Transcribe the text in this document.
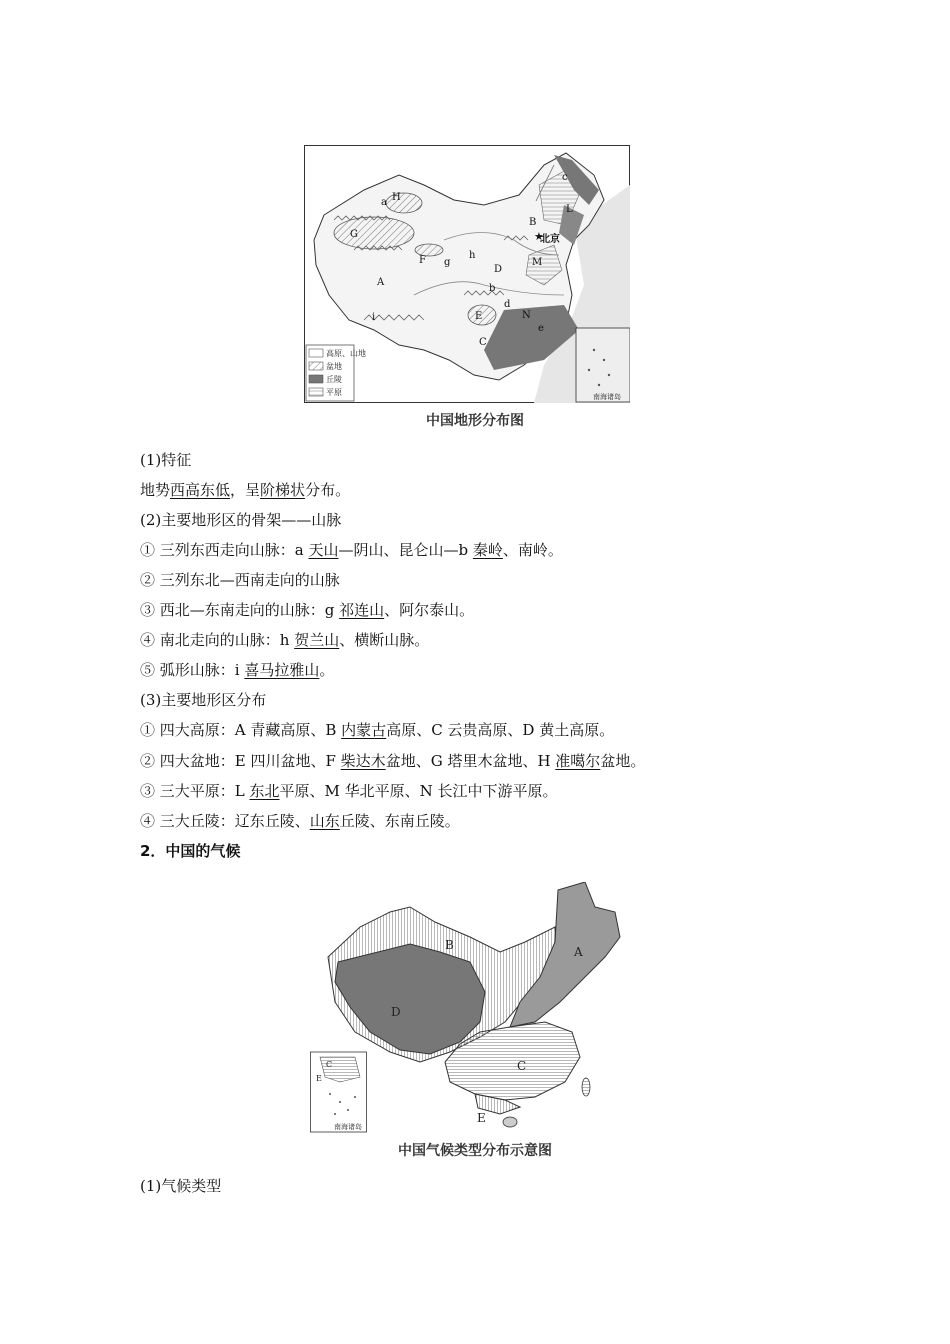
★
北京
a H
G
F g
h
A
i
B
D
M
b
L
E
C
N
d
c
e
高原、山地
盆地
丘陵
平原	南海诸岛
中国地形分布图
(1)特征
地势西高东低，呈阶梯状分布。
(2)主要地形区的骨架——山脉
① 三列东西走向山脉：a 天山—阴山、昆仑山—b 秦岭、南岭。
② 三列东北—西南走向的山脉
③ 西北—东南走向的山脉：g 祁连山、阿尔泰山。
④ 南北走向的山脉：h 贺兰山、横断山脉。
⑤ 弧形山脉：i 喜马拉雅山。
(3)主要地形区分布
① 四大高原：A 青藏高原、B 内蒙古高原、C 云贵高原、D 黄土高原。
② 四大盆地：E 四川盆地、F 柴达木盆地、G 塔里木盆地、H 准噶尔盆地。
③ 三大平原：L 东北平原、M 华北平原、N 长江中下游平原。
④ 三大丘陵：辽东丘陵、山东丘陵、东南丘陵。
2．中国的气候
A
B
C
D
E
C
E
南海诸岛
中国气候类型分布示意图
(1)气候类型
